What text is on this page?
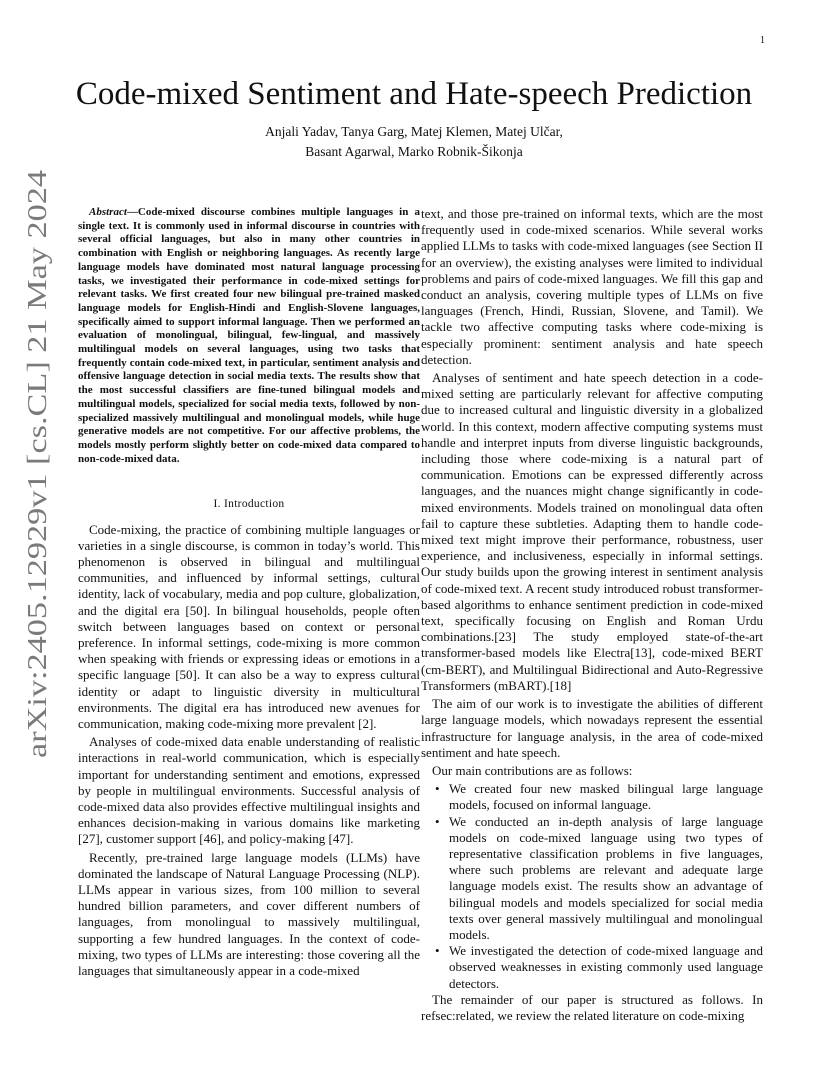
1
arXiv:2405.12929v1 [cs.CL] 21 May 2024
Code-mixed Sentiment and Hate-speech Prediction
Anjali Yadav, Tanya Garg, Matej Klemen, Matej Ulčar,
Basant Agarwal, Marko Robnik-Šikonja

Abstract—Code-mixed discourse combines multiple languages in a single text. It is commonly used in informal discourse in countries with several official languages, but also in many other countries in combination with English or neighboring languages. As recently large language models have dominated most natural language processing tasks, we investigated their performance in code-mixed settings for relevant tasks. We first created four new bilingual pre-trained masked language models for English-Hindi and English-Slovene languages, specifically aimed to support informal language. Then we performed an evaluation of monolingual, bilingual, few-lingual, and massively multilingual models on several languages, using two tasks that frequently contain code-mixed text, in particular, sentiment analysis and offensive language detection in social media texts. The results show that the most successful classifiers are fine-tuned bilingual models and multilingual models, specialized for social media texts, followed by non-specialized massively multilingual and monolingual models, while huge generative models are not competitive. For our affective problems, the models mostly perform slightly better on code-mixed data compared to non-code-mixed data.

I. Introduction

Code-mixing, the practice of combining multiple languages or varieties in a single discourse, is common in today’s world. This phenomenon is observed in bilingual and multilingual communities, and influenced by informal settings, cultural identity, lack of vocabulary, media and pop culture, globalization, and the digital era [50]. In bilingual households, people often switch between languages based on context or personal preference. In informal settings, code-mixing is more common when speaking with friends or expressing ideas or emotions in a specific language [50]. It can also be a way to express cultural identity or adapt to linguistic diversity in multicultural environments. The digital era has introduced new avenues for communication, making code-mixing more prevalent [2].

Analyses of code-mixed data enable understanding of realistic interactions in real-world communication, which is especially important for understanding sentiment and emotions, expressed by people in multilingual environments. Successful analysis of code-mixed data also provides effective multilingual insights and enhances decision-making in various domains like marketing [27], customer support [46], and policy-making [47].

Recently, pre-trained large language models (LLMs) have dominated the landscape of Natural Language Processing (NLP). LLMs appear in various sizes, from 100 million to several hundred billion parameters, and cover different numbers of languages, from monolingual to massively multilingual, supporting a few hundred languages. In the context of code-mixing, two types of LLMs are interesting: those covering all the languages that simultaneously appear in a code-mixed

text, and those pre-trained on informal texts, which are the most frequently used in code-mixed scenarios. While several works applied LLMs to tasks with code-mixed languages (see Section II for an overview), the existing analyses were limited to individual problems and pairs of code-mixed languages. We fill this gap and conduct an analysis, covering multiple types of LLMs on five languages (French, Hindi, Russian, Slovene, and Tamil). We tackle two affective computing tasks where code-mixing is especially prominent: sentiment analysis and hate speech detection.

Analyses of sentiment and hate speech detection in a code-mixed setting are particularly relevant for affective computing due to increased cultural and linguistic diversity in a globalized world. In this context, modern affective computing systems must handle and interpret inputs from diverse linguistic backgrounds, including those where code-mixing is a natural part of communication. Emotions can be expressed differently across languages, and the nuances might change significantly in code-mixed environments. Models trained on monolingual data often fail to capture these subtleties. Adapting them to handle code-mixed text might improve their performance, robustness, user experience, and inclusiveness, especially in informal settings. Our study builds upon the growing interest in sentiment analysis of code-mixed text. A recent study introduced robust transformer-based algorithms to enhance sentiment prediction in code-mixed text, specifically focusing on English and Roman Urdu combinations.[23] The study employed state-of-the-art transformer-based models like Electra[13], code-mixed BERT (cm-BERT), and Multilingual Bidirectional and Auto-Regressive Transformers (mBART).[18]

The aim of our work is to investigate the abilities of different large language models, which nowadays represent the essential infrastructure for language analysis, in the area of code-mixed sentiment and hate speech.

Our main contributions are as follows:

• We created four new masked bilingual large language models, focused on informal language.
• We conducted an in-depth analysis of large language models on code-mixed language using two types of representative classification problems in five languages, where such problems are relevant and adequate large language models exist. The results show an advantage of bilingual models and models specialized for social media texts over general massively multilingual and monolingual models.
• We investigated the detection of code-mixed language and observed weaknesses in existing commonly used language detectors.

The remainder of our paper is structured as follows. In refsec:related, we review the related literature on code-mixing
